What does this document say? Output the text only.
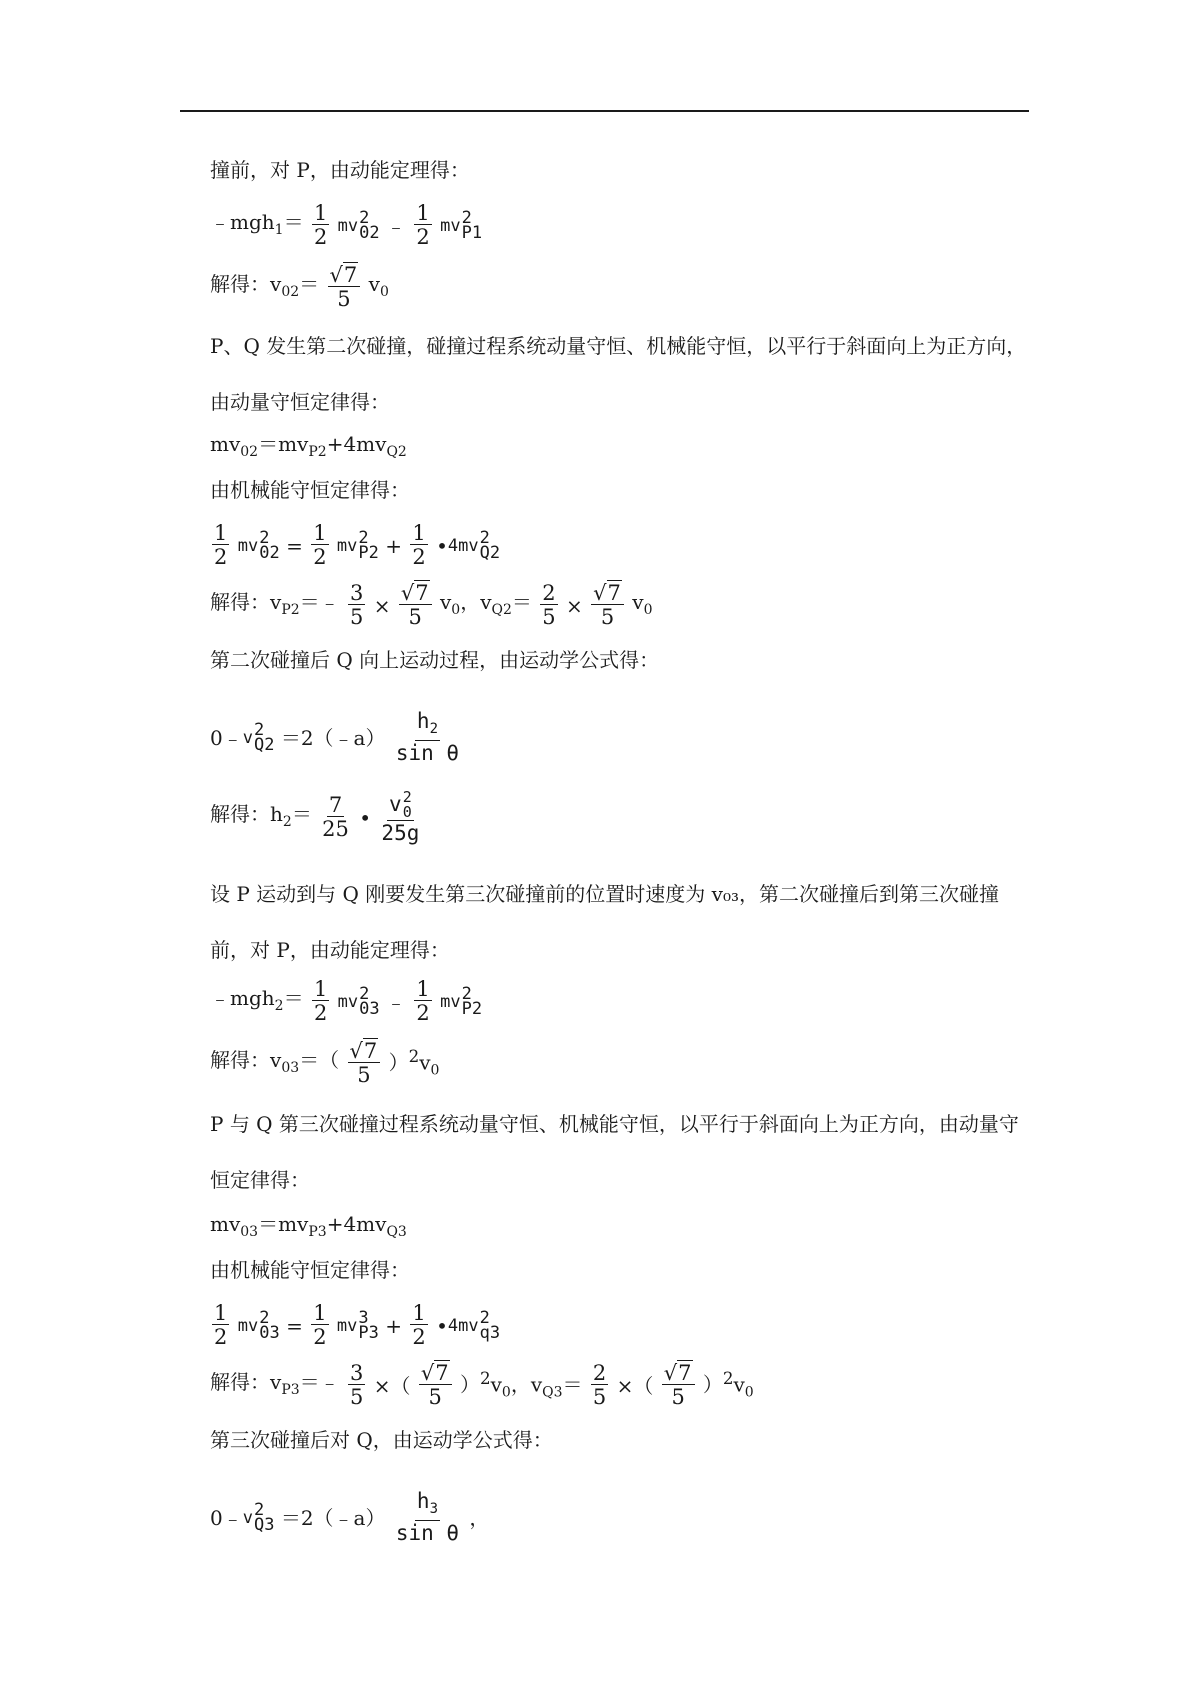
撞前，对 P，由动能定理得：
﹣mgh$_1$＝ $\frac{1}{2}$ mv 2
02 ﹣ $\frac{1}{2}$ mv 2
P1
解得：$v_{02}= \frac{√7}{5} v_0$
P、Q 发生第二次碰撞，碰撞过程系统动量守恒、机械能守恒，以平行于斜面向上为正方向，由动量守恒定律得：
$mv_{02}=mv_{P2}+4mv_{Q2}$
由机械能守恒定律得：
$\frac{1}{2}$ mv 2
$02 = \frac{1}{2}$ mv 2
$P2 + \frac{1}{2}$ •4mv 2
Q2
解得：$v_{P2}=﹣ \frac{3}{5} \times \frac{√7}{5} v_0$，$v_{Q2}= \frac{2}{5} \times \frac{√7}{5} v_0$
第二次碰撞后 Q 向上运动过程，由运动学公式得：
0﹣v 2
Q2 ＝2（﹣a） $\frac{h_2}{\text{sin θ}}$
解得：$h_2= \frac{7}{25}$ • v 2
0
25g
设 P 运动到与 Q 刚要发生第三次碰撞前的位置时速度为 v₀₃，第二次碰撞后到第三次碰撞前，对 P，由动能定理得：
﹣mgh$_2$＝ $\frac{1}{2}$ mv 2
03 ﹣ $\frac{1}{2}$ mv 2
P2
解得：$v_{03}=( \frac{√7}{5} )^2v_0$
P 与 Q 第三次碰撞过程系统动量守恒、机械能守恒，以平行于斜面向上为正方向，由动量守恒定律得：
$mv_{03}=mv_{P3}+4mv_{Q3}$
由机械能守恒定律得：
$\frac{1}{2}$ mv 2
$03 = \frac{1}{2}$ mv 3
$P3 + \frac{1}{2}$ •4mv 2
q3
解得：$v_{P3}=﹣ \frac{3}{5}$ ×（ $\frac{√7}{5} )^2v_0$，$v_{Q3}= \frac{2}{5}$ ×（ $\frac{√7}{5} )^2v_0$
第三次碰撞后对 Q，由运动学公式得：
0﹣v 2
Q3 ＝2（﹣a） $\frac{h_3}{\text{sin θ}}$ ，
